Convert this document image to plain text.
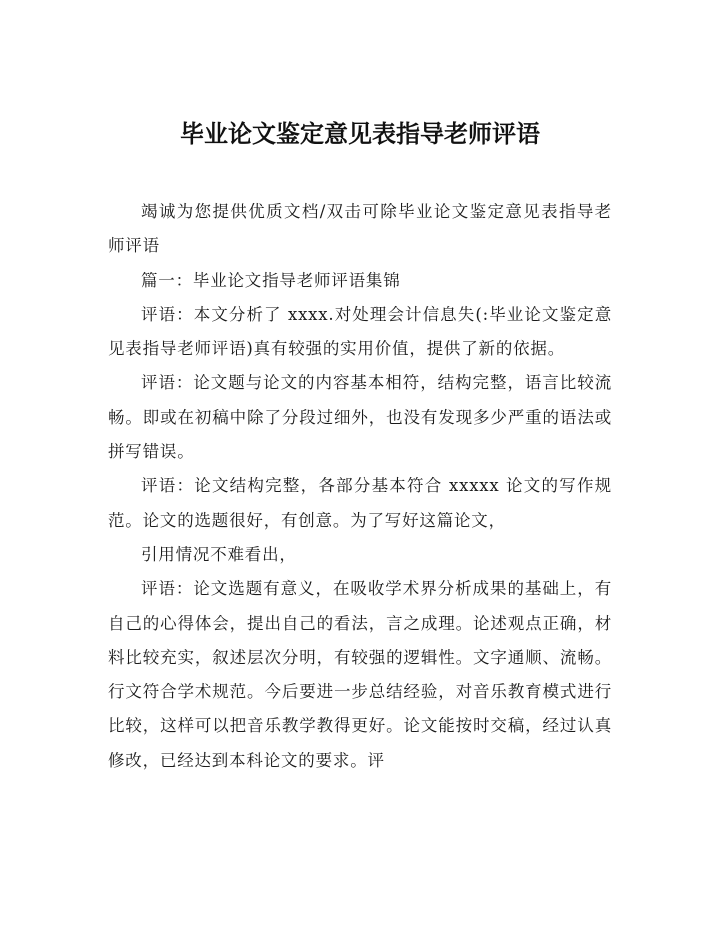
毕业论文鉴定意见表指导老师评语

竭诚为您提供优质文档/双击可除毕业论文鉴定意见表指导老师评语

篇一：毕业论文指导老师评语集锦

评语：本文分析了 xxxx.对处理会计信息失(:毕业论文鉴定意见表指导老师评语)真有较强的实用价值，提供了新的依据。

评语：论文题与论文的内容基本相符，结构完整，语言比较流畅。即或在初稿中除了分段过细外，也没有发现多少严重的语法或拼写错误。

评语：论文结构完整，各部分基本符合 xxxxx 论文的写作规范。论文的选题很好，有创意。为了写好这篇论文，

引用情况不难看出，

评语：论文选题有意义，在吸收学术界分析成果的基础上，有自己的心得体会，提出自己的看法，言之成理。论述观点正确，材料比较充实，叙述层次分明，有较强的逻辑性。文字通顺、流畅。行文符合学术规范。今后要进一步总结经验，对音乐教育模式进行比较，这样可以把音乐教学教得更好。论文能按时交稿，经过认真修改，已经达到本科论文的要求。评
